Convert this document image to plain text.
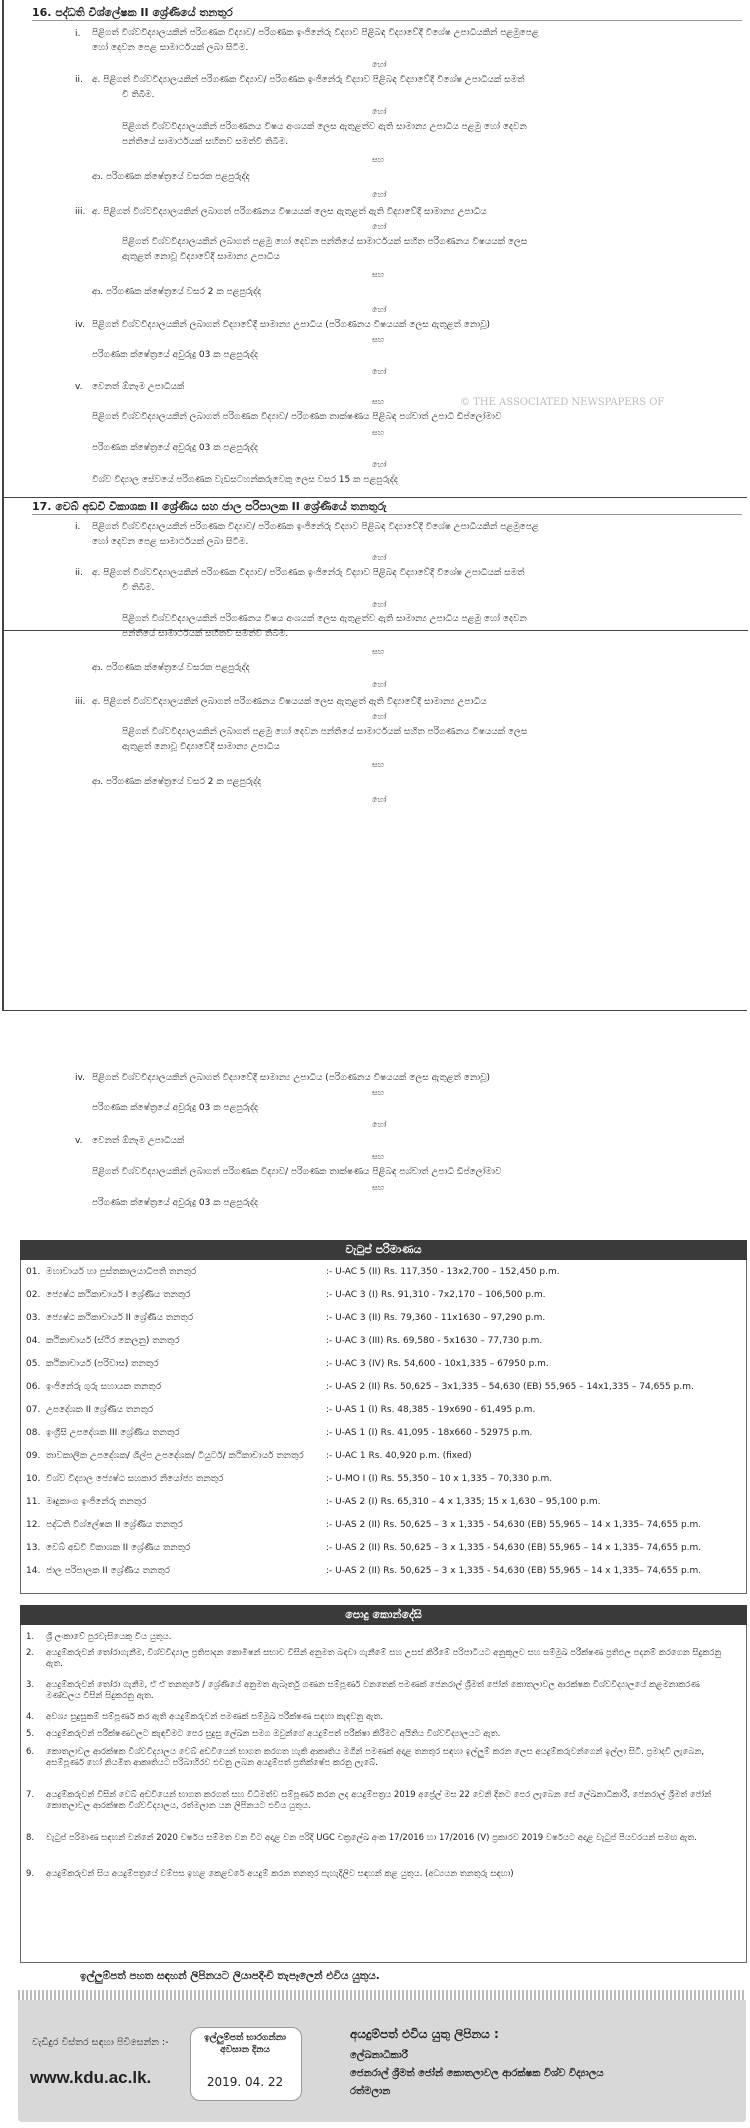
16. පද්ධති විශ්ලේෂක II ශ්‍රේණියේ තනතුර
i. පිළිගත් විශ්වවිද්‍යාලයකින් පරිගණක විද්‍යාව/ පරිගණක ඉංජිනේරු විද්‍යාව පිළිබඳ විද්‍යාවේදී විශේෂ උපාධියකින් පළමුපෙළ
හෝ දෙවන පෙළ සාමාර්ථයක් ලබා සිටීම.
හෝ
ii. අ. පිළිගත් විශ්වවිද්‍යාලයකින් පරිගණක විද්‍යාව/ පරිගණක ඉංජිනේරු විද්‍යාව පිළිබඳ විද්‍යාවේදී විශේෂ උපාධියක් සමත්
වී තිබීම.
හෝ
පිළිගත් විශ්වවිද්‍යාලයකින් පරිගණනය විෂය අංශයක් ලෙස ඇතුළත්ව ඇති සාමාන්‍ය උපාධිය පළමු හෝ දෙවන
පන්තියේ සාමාර්ථයක් සහිතව සමත්වී තිබීම.
සහ
ආ. පරිගණක ක්ෂේත්‍රයේ වසරක පළපුරුද්ද
හෝ
iii. අ. පිළිගත් විශ්වවිද්‍යාලයකින් ලබාගත් පරිගණනය විෂයයක් ලෙස ඇතුළත් ඇති විද්‍යාවේදී සාමාන්‍ය උපාධිය
හෝ
පිළිගත් විශ්වවිද්‍යාලයකින් ලබාගත් පළමු හෝ දෙවන පන්තියේ සාමාර්ථයක් සහිත පරිගණනය විෂයයක් ලෙස
ඇතුළත් නොවූ විද්‍යාවේදී සාමාන්‍ය උපාධිය
සහ
ආ. පරිගණක ක්ෂේත්‍රයේ වසර 2 ක පළපුරුද්ද
හෝ
iv. පිළිගත් විශ්වවිද්‍යාලයකින් ලබාගත් විද්‍යාවේදී සාමාන්‍ය උපාධිය (පරිගණනය විෂයයක් ලෙස ඇතුළත් නොවූ)
සහ
පරිගණක ක්ෂේත්‍රයේ අවුරුදු 03 ක පළපුරුද්ද
හෝ
v. වෙනත් ඕනෑම උපාධියක්
© THE ASSOCIATED NEWSPAPERS OF
සහ
පිළිගත් විශ්වවිද්‍යාලයකින් ලබාගත් පරිගණක විද්‍යාව/ පරිගණක තාක්ෂණය පිළිබඳ පශ්චාත් උපාධි ඩිප්ලෝමාව
සහ
පරිගණක ක්ෂේත්‍රයේ අවුරුදු 03 ක පළපුරුද්ද
හෝ
විශ්ව විද්‍යාල සේවයේ පරිගණක වැඩසටහන්කරුවෙකු ලෙස වසර 15 ක පළපුරුද්ද
17. වෙබ් අඩවි විකාශක II ශ්‍රේණිය සහ ජාල පරිපාලක II ශ්‍රේණියේ තනතුරු
i. පිළිගත් විශ්වවිද්‍යාලයකින් පරිගණක විද්‍යාව/ පරිගණක ඉංජිනේරු විද්‍යාව පිළිබඳ විද්‍යාවේදී විශේෂ උපාධියකින් පළමුපෙළ
හෝ දෙවන පෙළ සාමාර්ථයක් ලබා සිටීම.
හෝ
ii. අ. පිළිගත් විශ්වවිද්‍යාලයකින් පරිගණක විද්‍යාව/ පරිගණක ඉංජිනේරු විද්‍යාව පිළිබඳ විද්‍යාවේදී විශේෂ උපාධියක් සමත්
වී තිබීම.
හෝ
පිළිගත් විශ්වවිද්‍යාලයකින් පරිගණනය විෂය අංශයක් ලෙස ඇතුළත්ව ඇති සාමාන්‍ය උපාධිය පළමු හෝ දෙවන
පන්තියේ සාමාර්ථයක් සහිතව සමත්වී තිබීම.
සහ
ආ. පරිගණක ක්ෂේත්‍රයේ වසරක පළපුරුද්ද
හෝ
iii. අ. පිළිගත් විශ්වවිද්‍යාලයකින් ලබාගත් පරිගණනය විෂයයක් ලෙස ඇතුළත් ඇති විද්‍යාවේදී සාමාන්‍ය උපාධිය
හෝ
පිළිගත් විශ්වවිද්‍යාලයකින් ලබාගත් පළමු හෝ දෙවන පන්තියේ සාමාර්ථයක් සහිත පරිගණනය විෂයයක් ලෙස
ඇතුළත් නොවූ විද්‍යාවේදී සාමාන්‍ය උපාධිය
සහ
ආ. පරිගණක ක්ෂේත්‍රයේ වසර 2 ක පළපුරුද්ද
හෝ
iv. පිළිගත් විශ්වවිද්‍යාලයකින් ලබාගත් විද්‍යාවේදී සාමාන්‍ය උපාධිය (පරිගණනය විෂයයක් ලෙස ඇතුළත් නොවූ)
සහ
පරිගණක ක්ෂේත්‍රයේ අවුරුදු 03 ක පළපුරුද්ද
හෝ
v. වෙනත් ඕනෑම උපාධියක්
සහ
පිළිගත් විශ්වවිද්‍යාලයකින් ලබාගත් පරිගණක විද්‍යාව/ පරිගණක තාක්ෂණය පිළිබඳ පශ්චාත් උපාධි ඩිප්ලෝමාව
සහ
පරිගණක ක්ෂේත්‍රයේ අවුරුදු 03 ක පළපුරුද්ද
වැටුප් පරිමාණය
01. මහාචාර්ය හා පුස්තකාලයාධිපති තනතුර	:- U-AC 5 (II) Rs. 117,350 - 13x2,700 – 152,450 p.m.
02. ජ්‍යෙෂ්ඨ කථිකාචාර්ය I ශ්‍රේණිය තනතුර	:- U-AC 3 (I) Rs. 91,310 - 7x2,170 – 106,500 p.m.
03. ජ්‍යෙෂ්ඨ කථිකාචාර්ය II ශ්‍රේණිය තනතුර	:- U-AC 3 (II) Rs. 79,360 - 11x1630 – 97,290 p.m.
04. කථිකාචාර්ය (ස්ථිර කෙලනු) තනතුර	:- U-AC 3 (III) Rs. 69,580 - 5x1630 – 77,730 p.m.
05. කථිකාචාර්ය (පරිවාස) තනතුර	:- U-AC 3 (IV) Rs. 54,600 - 10x1,335 – 67950 p.m.
06. ඉංජිනේරු ගුරු සහායක තනතුර	:- U-AS 2 (II) Rs. 50,625 – 3x1,335 – 54,630 (EB) 55,965 – 14x1,335 – 74,655 p.m.
07. උපදේශක II ශ්‍රේණිය තනතුර	:- U-AS 1 (I) Rs. 48,385 - 19x690 - 61,495 p.m.
08. ඉංග්‍රීසි උපදේශක III ශ්‍රේණිය තනතුර	:- U-AS 1 (I) Rs. 41,095 - 18x660 - 52975 p.m.
09. තාවකාලික උපදේශක/ ශිල්ප උපදේශක/ ටියුටර්/ කථිකාචාර්ය තනතුර :- U-AC 1 Rs. 40,920 p.m. (fixed)
10. විශ්ව විද්‍යාල ජ්‍යෙෂ්ඨ සහකාර නියෝජ්‍ය තනතුර	:- U-MO I (I) Rs. 55,350 – 10 x 1,335 – 70,330 p.m.
11. මෘදුකාංග ඉංජිනේරු තනතුර	:- U-AS 2 (I) Rs. 65,310 – 4 x 1,335; 15 x 1,630 – 95,100 p.m.
12. පද්ධති විශ්ලේෂක II ශ්‍රේණිය තනතුර	:- U-AS 2 (II) Rs. 50,625 – 3 x 1,335 - 54,630 (EB) 55,965 – 14 x 1,335– 74,655 p.m.
13. වෙබ් අඩවි විකාශක II ශ්‍රේණිය තනතුර	:- U-AS 2 (II) Rs. 50,625 – 3 x 1,335 - 54,630 (EB) 55,965 – 14 x 1,335– 74,655 p.m.
14. ජාල පරිපාලක II ශ්‍රේණිය තනතුර	:- U-AS 2 (II) Rs. 50,625 – 3 x 1,335 - 54,630 (EB) 55,965 – 14 x 1,335– 74,655 p.m.
පොදු කොන්දේසි
1. ශ්‍රී ලංකාවේ පුරවැසියෙකු විය යුතුය.
2. අයදුම්කරුවන් තෝරාගැනීම, විශ්වවිද්‍යාල ප්‍රතිපාදන කොමිෂන් සභාව විසින් අනුමත බඳවා ගැනීමේ සහ උසස් කිරීමේ පරිපාටියට අනුකූලව සහ සම්මුඛ පරීක්ෂණ ප්‍රතිඵල පදනම් කරගෙන සිදුකරනු ඇත.
3. අයදුම්කරුවන් තෝරා ගැනීම, ඒ ඒ තනතුරේ / ශ්‍රේණියේ අනුමත ඇබෑර්තු ගණන සම්පූර්ණ වනතෙක් පමණක් ජෙනරාල් ශ්‍රීමත් ජෝන් කොතලාවල ආරක්ෂක විශ්වවිද්‍යාලයේ කළමනාකරණ මණ්ඩලය විසින් සිදුකරනු ඇත.
4. අවශ්‍ය සුදුසුකම් සම්පූර්ණ කර ඇති අයදුම්කරුවන් පමණක් සම්මුඛ පරීක්ෂණ සඳහා කැඳවනු ඇත.
5. අයදුම්කරුවන් පරීක්ෂණවලට කැඳවීමට පෙර සුදුසු ලේඛන සමග ඔවුන්ගේ අයදුම්පත් පරීක්ෂා කිරීමට අයිතිය විශ්වවිද්‍යාලයට ඇත.
6. කොතලාවල ආරක්ෂක විශ්වවිද්‍යාලය වෙබ් අඩවියෙන් භාගත කරගත හැකි ආකෘතිය මගින් පමණක් අදාළ තනතුර සඳහා ඉල්ලුම් කරන ලෙස අයදුම්කරුවන්ගෙන් ඉල්ලා සිටී. ප්‍රමාදවී ලැබෙන, අසම්පූර්ණ හෝ නියමිත ආකෘතියට පරිබාහිරව එවනු ලබන අයදුම්පත් ප්‍රතික්ෂේප කරනු ලැබේ.
7. අයදුම්කරුවන් විසින් වෙබ් අඩවියෙන් භාගත කරගත් සහ විධිමත්ව සම්පූර්ණ කරන ලද අයදුම්පත්‍රය 2019 අප්‍රේල් මස 22 වෙනි දිනට පෙර ලැබෙන සේ ලේඛනාධිකාරී, ජෙනරාල් ශ්‍රීමත් ජෝන් කොතලාවල ආරක්ෂක විශ්වවිද්‍යාලය, රත්මලාන යන ලිපිනයට එවිය යුතුය.
8. වැටුප් පරිමාණ සඳහන් වන්නේ 2020 වර්ෂය සම්මත වන විට අදාළ වන පරිදි UGC චක්‍රලේඛ අංක 17/2016 හා 17/2016 (V) ප්‍රකාරව 2019 වර්ෂයට අදාළ වැටුප් පියවරයන් සමඟ ඇත.
9. අයදුම්කරුවන් සිය අයදුම්පත්‍රයේ වම්පස ඉහළ කෙළවරේ අයදුම් කරන තනතුර පැහැදිලිව සඳහන් කළ යුතුය. (අධ්‍යයන තනතුරු සඳහා)
ඉල්ලුම්පත් පහත සඳහන් ලිපිනයට ලියාපදිංචි තැපෑලෙන් එවිය යුතුය.
වැඩිදුර විස්තර සඳහා පිවිසෙන්න :-
www.kdu.ac.lk.
ඉල්ලුම්පත් භාරගන්නා අවසාන දිනය
2019. 04. 22
අයදුම්පත් එවිය යුතු ලිපිනය :
ලේඛනාධිකාරී
ජෙනරාල් ශ්‍රීමත් ජෝන් කොතලාවල ආරක්ෂක විශ්ව විද්‍යාලය
රත්මලාන
